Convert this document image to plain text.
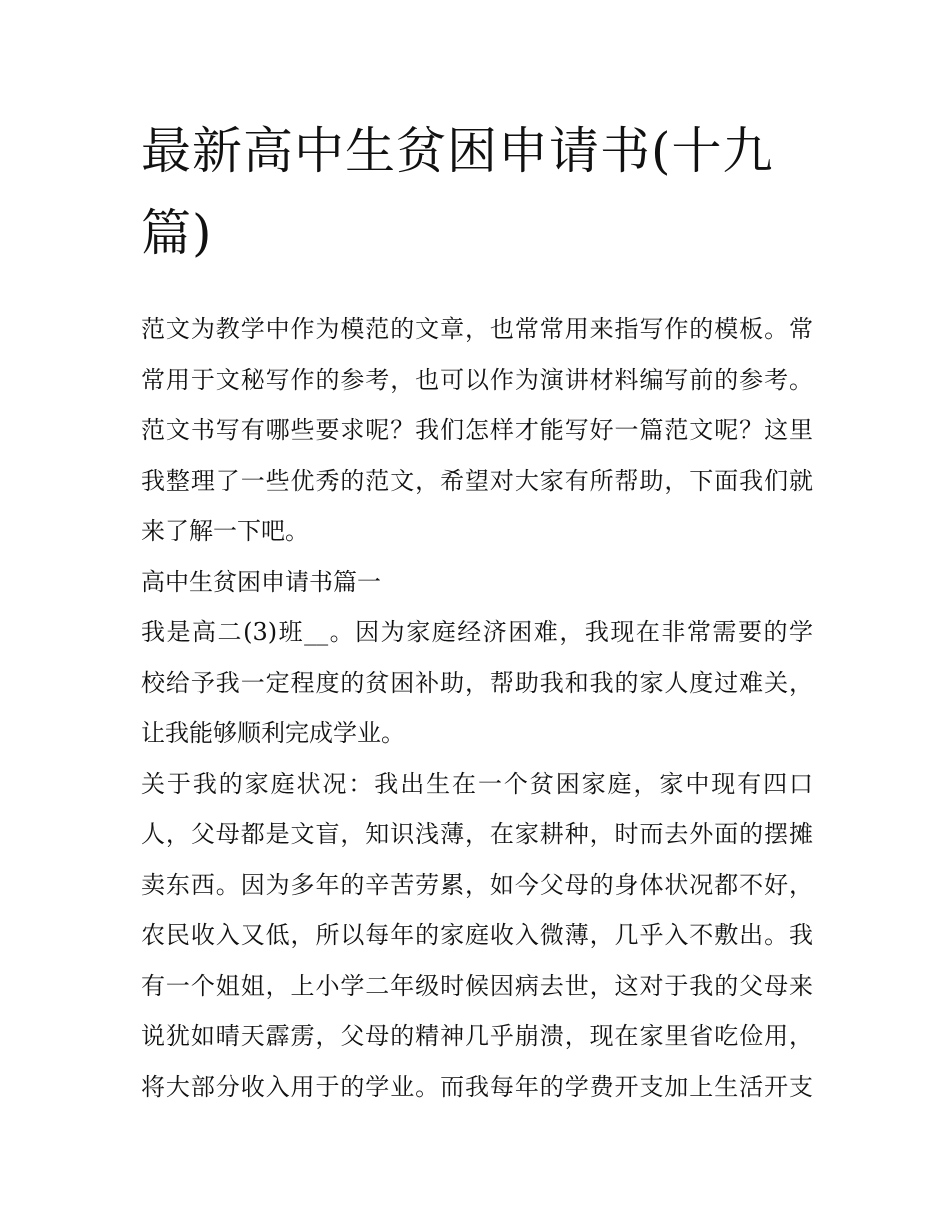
最新高中生贫困申请书(十九
篇)
范文为教学中作为模范的文章，也常常用来指写作的模板。常
常用于文秘写作的参考，也可以作为演讲材料编写前的参考。
范文书写有哪些要求呢？我们怎样才能写好一篇范文呢？这里
我整理了一些优秀的范文，希望对大家有所帮助，下面我们就
来了解一下吧。
高中生贫困申请书篇一
我是高二(3)班__。因为家庭经济困难，我现在非常需要的学
校给予我一定程度的贫困补助，帮助我和我的家人度过难关，
让我能够顺利完成学业。
关于我的家庭状况：我出生在一个贫困家庭，家中现有四口
人，父母都是文盲，知识浅薄，在家耕种，时而去外面的摆摊
卖东西。因为多年的辛苦劳累，如今父母的身体状况都不好，
农民收入又低，所以每年的家庭收入微薄，几乎入不敷出。我
有一个姐姐，上小学二年级时候因病去世，这对于我的父母来
说犹如晴天霹雳，父母的精神几乎崩溃，现在家里省吃俭用，
将大部分收入用于的学业。而我每年的学费开支加上生活开支
